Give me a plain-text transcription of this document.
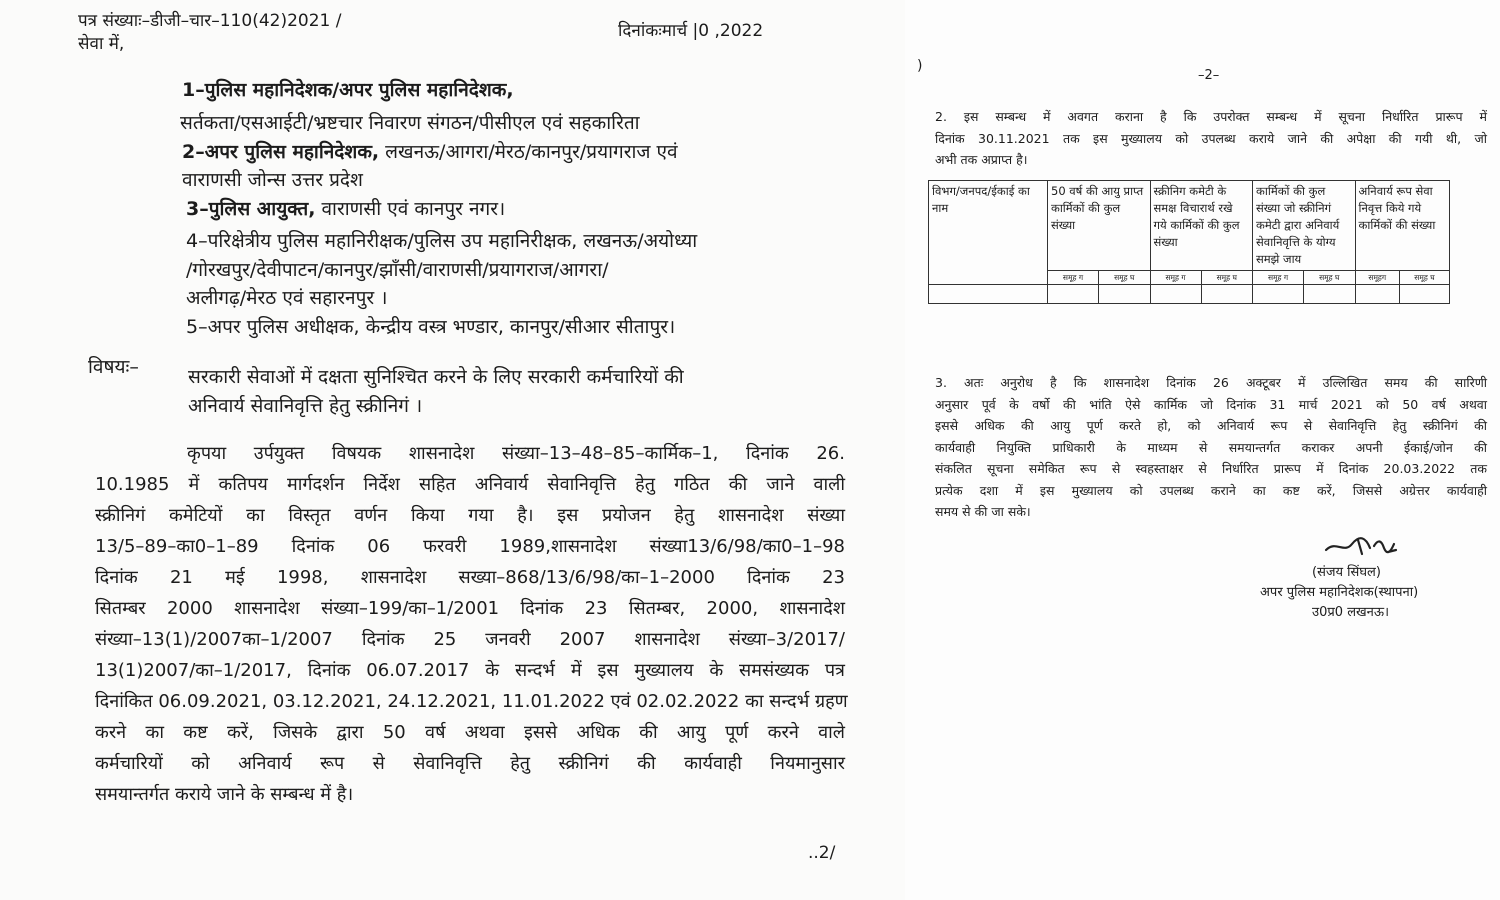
पत्र संख्याः–डीजी–चार–110(42)2021 /
सेवा में,
दिनांकःमार्च |0 ,2022
1–पुलिस महानिदेशक/अपर पुलिस महानिदेशक,
सर्तकता/एसआईटी/भ्रष्टचार निवारण संगठन/पीसीएल एवं सहकारिता
2–अपर पुलिस महानिदेशक, लखनऊ/आगरा/मेरठ/कानपुर/प्रयागराज एवं
वाराणसी जोन्स उत्तर प्रदेश
3–पुलिस आयुक्त, वाराणसी एवं कानपुर नगर।
4–परिक्षेत्रीय पुलिस महानिरीक्षक/पुलिस उप महानिरीक्षक, लखनऊ/अयोध्या
/गोरखपुर/देवीपाटन/कानपुर/झाँसी/वाराणसी/प्रयागराज/आगरा/
अलीगढ़/मेरठ एवं सहारनपुर ।
5–अपर पुलिस अधीक्षक, केन्द्रीय वस्त्र भण्डार, कानपुर/सीआर सीतापुर।
विषयः–	सरकारी सेवाओं में दक्षता सुनिश्चित करने के लिए सरकारी कर्मचारियों की
अनिवार्य सेवानिवृत्ति हेतु स्क्रीनिगं ।
कृपया उर्पयुक्त विषयक शासनादेश संख्या–13–48–85–कार्मिक–1, दिनांक 26.
10.1985 में कतिपय मार्गदर्शन निर्देश सहित अनिवार्य सेवानिवृत्ति हेतु गठित की जाने वाली
स्क्रीनिगं कमेटियों का विस्तृत वर्णन किया गया है। इस प्रयोजन हेतु शासनादेश संख्या
13/5–89–का0–1–89 दिनांक 06 फरवरी 1989,शासनादेश संख्या13/6/98/का0–1–98
दिनांक 21 मई 1998, शासनादेश सख्या–868/13/6/98/का–1–2000 दिनांक 23
सितम्बर 2000 शासनादेश संख्या–199/का–1/2001 दिनांक 23 सितम्बर, 2000, शासनादेश
संख्या–13(1)/2007का–1/2007 दिनांक 25 जनवरी 2007 शासनादेश संख्या–3/2017/
13(1)2007/का–1/2017, दिनांक 06.07.2017 के सन्दर्भ में इस मुख्यालय के समसंख्यक पत्र
दिनांकित 06.09.2021, 03.12.2021, 24.12.2021, 11.01.2022 एवं 02.02.2022 का सन्दर्भ ग्रहण
करने का कष्ट करें, जिसके द्वारा 50 वर्ष अथवा इससे अधिक की आयु पूर्ण करने वाले
कर्मचारियों को अनिवार्य रूप से सेवानिवृत्ति हेतु स्क्रीनिगं की कार्यवाही नियमानुसार
समयान्तर्गत कराये जाने के सम्बन्ध में है।
..2/
)
–2–
2. इस सम्बन्ध में अवगत कराना है कि उपरोक्त सम्बन्ध में सूचना निर्धारित प्रारूप में
दिनांक 30.11.2021 तक इस मुख्यालय को उपलब्ध कराये जाने की अपेक्षा की गयी थी, जो
अभी तक अप्राप्त है।
विभग/जनपद/ईकाई का नाम	50 वर्ष की आयु प्राप्त कार्मिकों की कुल संख्या		स्क्रीनिग कमेटी के समक्ष विचारार्थ रखे गये कार्मिकों की कुल संख्या		कार्मिकों की कुल संख्या जो स्क्रीनिगं कमेटी द्वारा अनिवार्य सेवानिवृत्ति के योग्य समझे जाय		अनिवार्य रूप सेवा निवृत्त किये गये कार्मिकों की संख्या	
	समूह ग	समूह घ	समूह ग	समूह घ	समूह ग	समूह घ	समूहग	समूह घ

3. अतः अनुरोध है कि शासनादेश दिनांक 26 अक्टूबर में उल्लिखित समय की सारिणी
अनुसार पूर्व के वर्षो की भांति ऐसे कार्मिक जो दिनांक 31 मार्च 2021 को 50 वर्ष अथवा
इससे अधिक की आयु पूर्ण करते हो, को अनिवार्य रूप से सेवानिवृत्ति हेतु स्क्रीनिगं की
कार्यवाही नियुक्ति प्राधिकारी के माध्यम से समयान्तर्गत कराकर अपनी ईकाई/जोन की
संकलित सूचना समेकित रूप से स्वहस्ताक्षर से निर्धारित प्रारूप में दिनांक 20.03.2022 तक
प्रत्येक दशा में इस मुख्यालय को उपलब्ध कराने का कष्ट करें, जिससे अग्रेत्तर कार्यवाही
समय से की जा सके।
(संजय सिंघल)
अपर पुलिस महानिदेशक(स्थापना)
उ0प्र0 लखनऊ।
